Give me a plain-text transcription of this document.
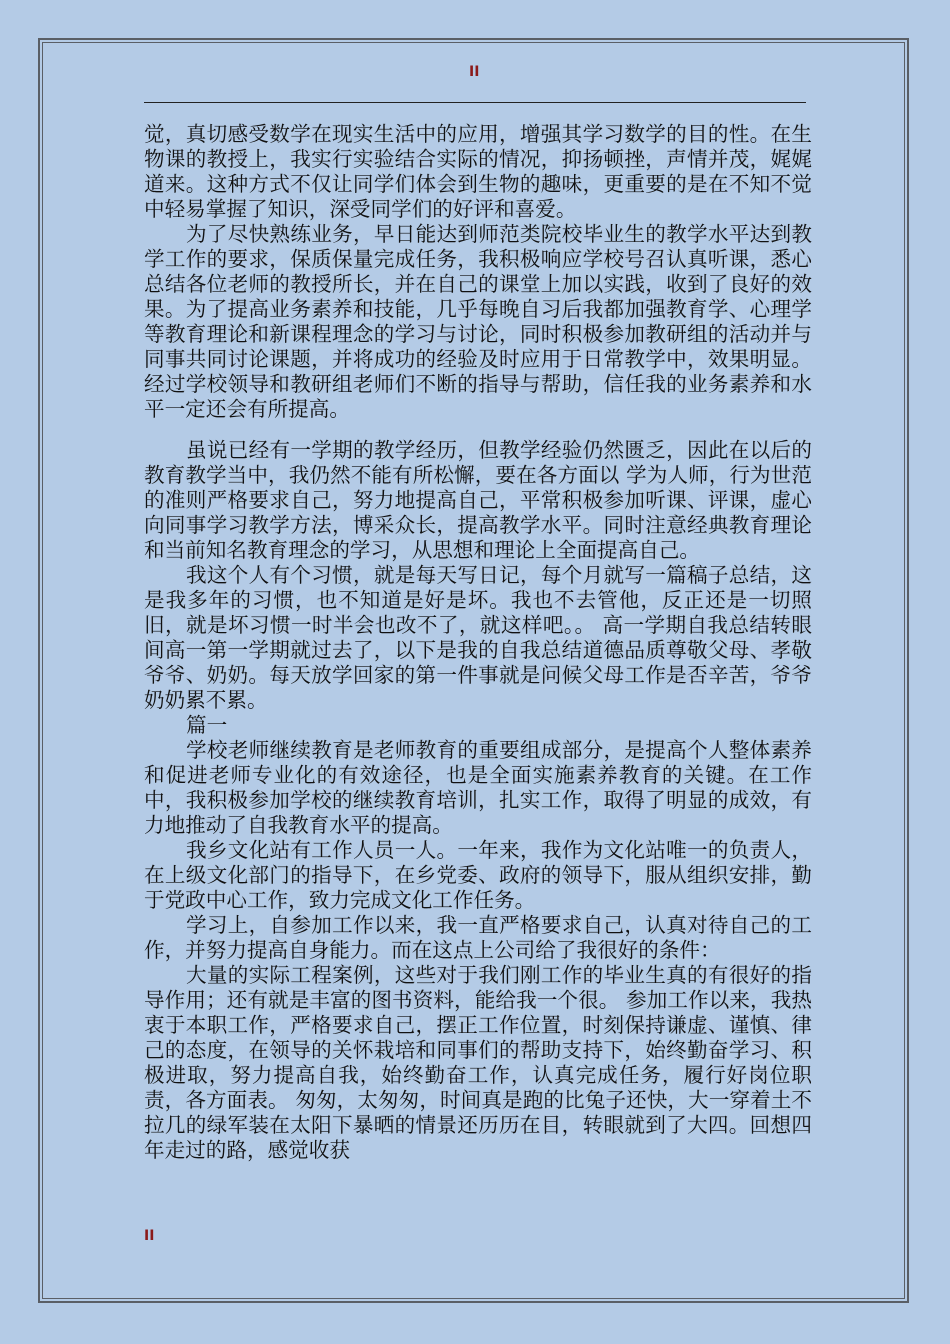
II

觉，真切感受数学在现实生活中的应用，增强其学习数学的目的性。在生物课的教授上，我实行实验结合实际的情况，抑扬顿挫，声情并茂，娓娓道来。这种方式不仅让同学们体会到生物的趣味，更重要的是在不知不觉中轻易掌握了知识，深受同学们的好评和喜爱。

为了尽快熟练业务，早日能达到师范类院校毕业生的教学水平达到教学工作的要求，保质保量完成任务，我积极响应学校号召认真听课，悉心总结各位老师的教授所长，并在自己的课堂上加以实践，收到了良好的效果。为了提高业务素养和技能，几乎每晚自习后我都加强教育学、心理学等教育理论和新课程理念的学习与讨论，同时积极参加教研组的活动并与同事共同讨论课题，并将成功的经验及时应用于日常教学中，效果明显。经过学校领导和教研组老师们不断的指导与帮助，信任我的业务素养和水平一定还会有所提高。

虽说已经有一学期的教学经历，但教学经验仍然匮乏，因此在以后的教育教学当中，我仍然不能有所松懈，要在各方面以 学为人师，行为世范 的准则严格要求自己，努力地提高自己，平常积极参加听课、评课，虚心向同事学习教学方法，博采众长，提高教学水平。同时注意经典教育理论和当前知名教育理念的学习，从思想和理论上全面提高自己。

我这个人有个习惯，就是每天写日记，每个月就写一篇稿子总结，这是我多年的习惯，也不知道是好是坏。我也不去管他，反正还是一切照旧，就是坏习惯一时半会也改不了，就这样吧。。 高一学期自我总结转眼间高一第一学期就过去了，以下是我的自我总结道德品质尊敬父母、孝敬爷爷、奶奶。每天放学回家的第一件事就是问候父母工作是否辛苦，爷爷奶奶累不累。

篇一

学校老师继续教育是老师教育的重要组成部分，是提高个人整体素养和促进老师专业化的有效途径，也是全面实施素养教育的关键。在工作中，我积极参加学校的继续教育培训，扎实工作，取得了明显的成效，有力地推动了自我教育水平的提高。

我乡文化站有工作人员一人。一年来，我作为文化站唯一的负责人，在上级文化部门的指导下，在乡党委、政府的领导下，服从组织安排，勤于党政中心工作，致力完成文化工作任务。

学习上，自参加工作以来，我一直严格要求自己，认真对待自己的工作，并努力提高自身能力。而在这点上公司给了我很好的条件：

大量的实际工程案例，这些对于我们刚工作的毕业生真的有很好的指导作用；还有就是丰富的图书资料，能给我一个很。 参加工作以来，我热衷于本职工作，严格要求自己，摆正工作位置，时刻保持谦虚、谨慎、律己的态度，在领导的关怀栽培和同事们的帮助支持下，始终勤奋学习、积极进取，努力提高自我，始终勤奋工作，认真完成任务，履行好岗位职责，各方面表。 匆匆，太匆匆，时间真是跑的比兔子还快，大一穿着土不拉几的绿军装在太阳下暴晒的情景还历历在目，转眼就到了大四。回想四年走过的路，感觉收获

II
